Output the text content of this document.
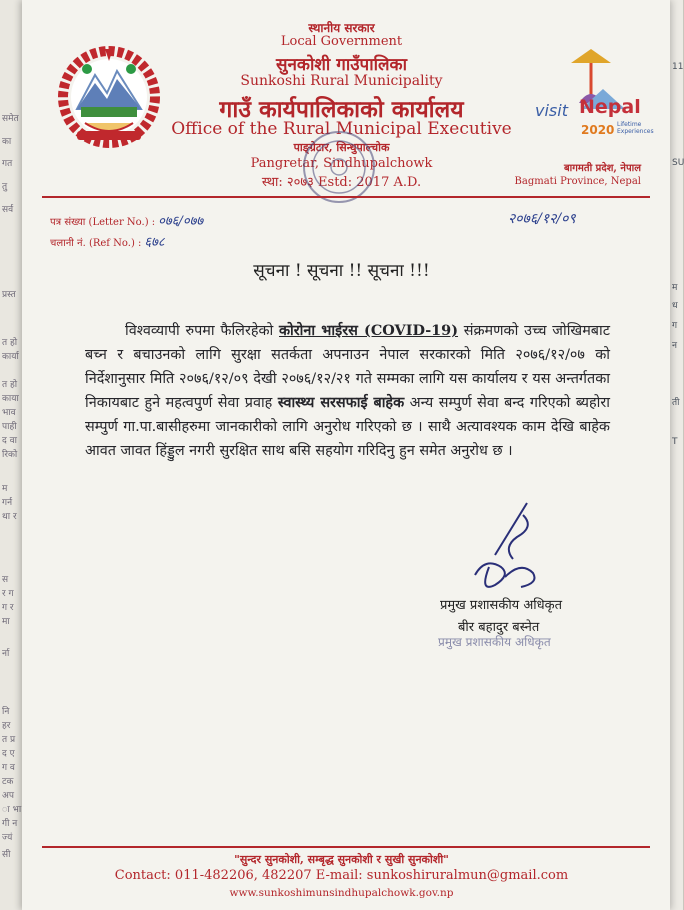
समेत
का
गत
तु
सर्व
प्रस्त
त हो
कार्या
त हो
काया
भाव
पाही
द वा
रिको
म
गर्न
था र
स
र ग
ग र
मा
र्ना
नि
हर
त प्र
द ए
ग व
टक
अप
ा भा
गी न
ज्यं
सी
11
SU
म
ध
ग
न
ती
T
visit Nepal
2020 Lifetime Experiences
स्थानीय सरकार
Local Government
सुनकोशी गाउँपालिका
Sunkoshi Rural Municipality
गाउँ कार्यपालिकाको कार्यालय
Office of the Rural Municipal Executive
पाङ्ग्रेटार, सिन्धुपाल्चोक
Pangretar, Sindhupalchowk
स्था: २०७३ Estd: 2017 A.D.
बागमती प्रदेश, नेपाल
Bagmati Province, Nepal
पत्र संख्या (Letter No.) : ०७६/०७७
चलानी नं. (Ref No.) : ६७८
२०७६/१२/०९
सूचना ! सूचना !! सूचना !!!
विश्वव्यापी रुपमा फैलिरहेको कोरोना भाईरस (COVID-19) संक्रमणको उच्च जोखिमबाट बच्न र बचाउनको लागि सुरक्षा सतर्कता अपनाउन नेपाल सरकारको मिति २०७६/१२/०७ को निर्देशानुसार मिति २०७६/१२/०९ देखी २०७६/१२/२१ गते सम्मका लागि यस कार्यालय र यस अन्तर्गतका निकायबाट हुने महत्वपुर्ण सेवा प्रवाह स्वास्थ्य सरसफाई बाहेक अन्य सम्पुर्ण सेवा बन्द गरिएको ब्यहोरा सम्पुर्ण गा.पा.बासीहरुमा जानकारीको लागि अनुरोध गरिएको छ । साथै अत्यावश्यक काम देखि बाहेक आवत जावत हिंड्डुल नगरी सुरक्षित साथ बसि सहयोग गरिदिनु हुन समेत अनुरोध छ ।
प्रमुख प्रशासकीय अधिकृत
बीर बहादुर बस्नेत
प्रमुख प्रशासकीय अधिकृत
"सुन्दर सुनकोशी, सम्बृद्ध सुनकोशी र सुखी सुनकोशी"
Contact: 011-482206, 482207 E-mail: sunkoshiruralmun@gmail.com
www.sunkoshimunsindhupalchowk.gov.np
